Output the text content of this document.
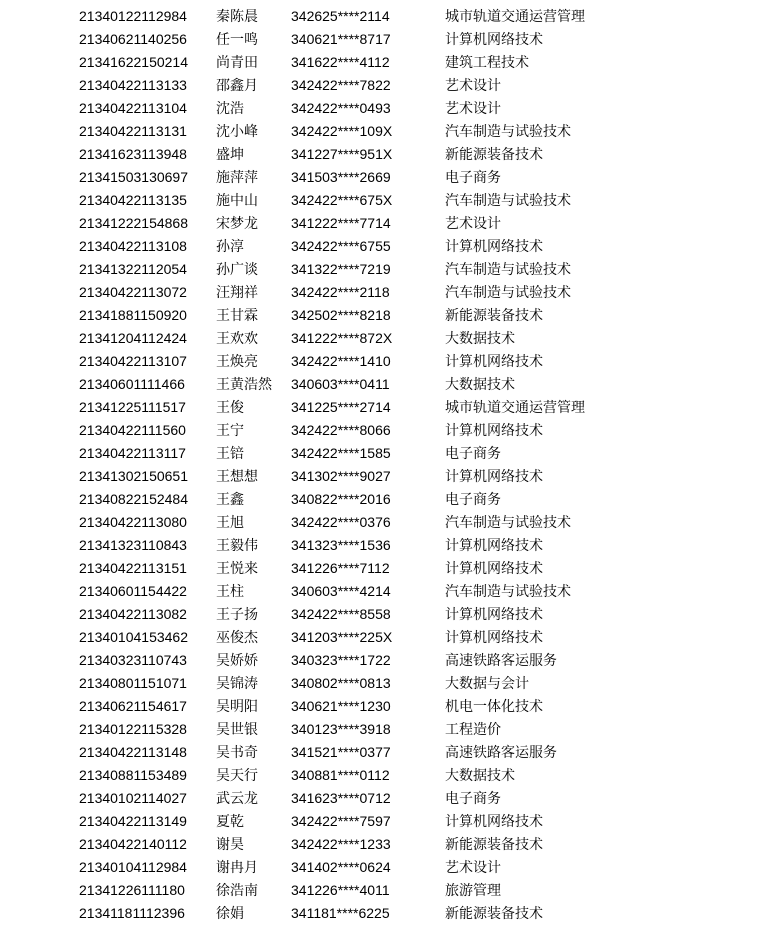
21340122112984 秦陈晨 342625****2114	城市轨道交通运营管理
21340621140256 任一鸣 340621****8717	计算机网络技术
21341622150214 尚青田 341622****4112	建筑工程技术
21340422113133 邵鑫月 342422****7822	艺术设计
21340422113104 沈浩	342422****0493	艺术设计
21340422113131 沈小峰 342422****109X	汽车制造与试验技术
21341623113948 盛坤	341227****951X	新能源装备技术
21341503130697 施萍萍 341503****2669	电子商务
21340422113135 施中山 342422****675X	汽车制造与试验技术
21341222154868 宋梦龙 341222****7714	艺术设计
21340422113108 孙淳	342422****6755	计算机网络技术
21341322112054 孙广谈 341322****7219	汽车制造与试验技术
21340422113072 汪翔祥 342422****2118	汽车制造与试验技术
21341881150920 王甘霖 342502****8218	新能源装备技术
21341204112424 王欢欢 341222****872X	大数据技术
21340422113107 王焕亮 342422****1410	计算机网络技术
21340601111466 王黄浩然 340603****0411	大数据技术
21341225111517 王俊	341225****2714	城市轨道交通运营管理
21340422111560 王宁	342422****8066	计算机网络技术
21340422113117 王锫	342422****1585	电子商务
21341302150651 王想想 341302****9027	计算机网络技术
21340822152484 王鑫	340822****2016	电子商务
21340422113080 王旭	342422****0376	汽车制造与试验技术
21341323110843 王毅伟 341323****1536	计算机网络技术
21340422113151 王悦来 341226****7112	计算机网络技术
21340601154422 王柱	340603****4214	汽车制造与试验技术
21340422113082 王子扬 342422****8558	计算机网络技术
21340104153462 巫俊杰 341203****225X	计算机网络技术
21340323110743 吴娇娇 340323****1722	高速铁路客运服务
21340801151071 吴锦涛 340802****0813	大数据与会计
21340621154617 吴明阳 340621****1230	机电一体化技术
21340122115328 吴世银 340123****3918	工程造价
21340422113148 吴书奇 341521****0377	高速铁路客运服务
21340881153489 吴天行 340881****0112	大数据技术
21340102114027 武云龙 341623****0712	电子商务
21340422113149 夏乾	342422****7597	计算机网络技术
21340422140112 谢昊	342422****1233	新能源装备技术
21340104112984 谢冉月 341402****0624	艺术设计
21341226111180 徐浩南 341226****4011	旅游管理
21341181112396 徐娟	341181****6225	新能源装备技术
